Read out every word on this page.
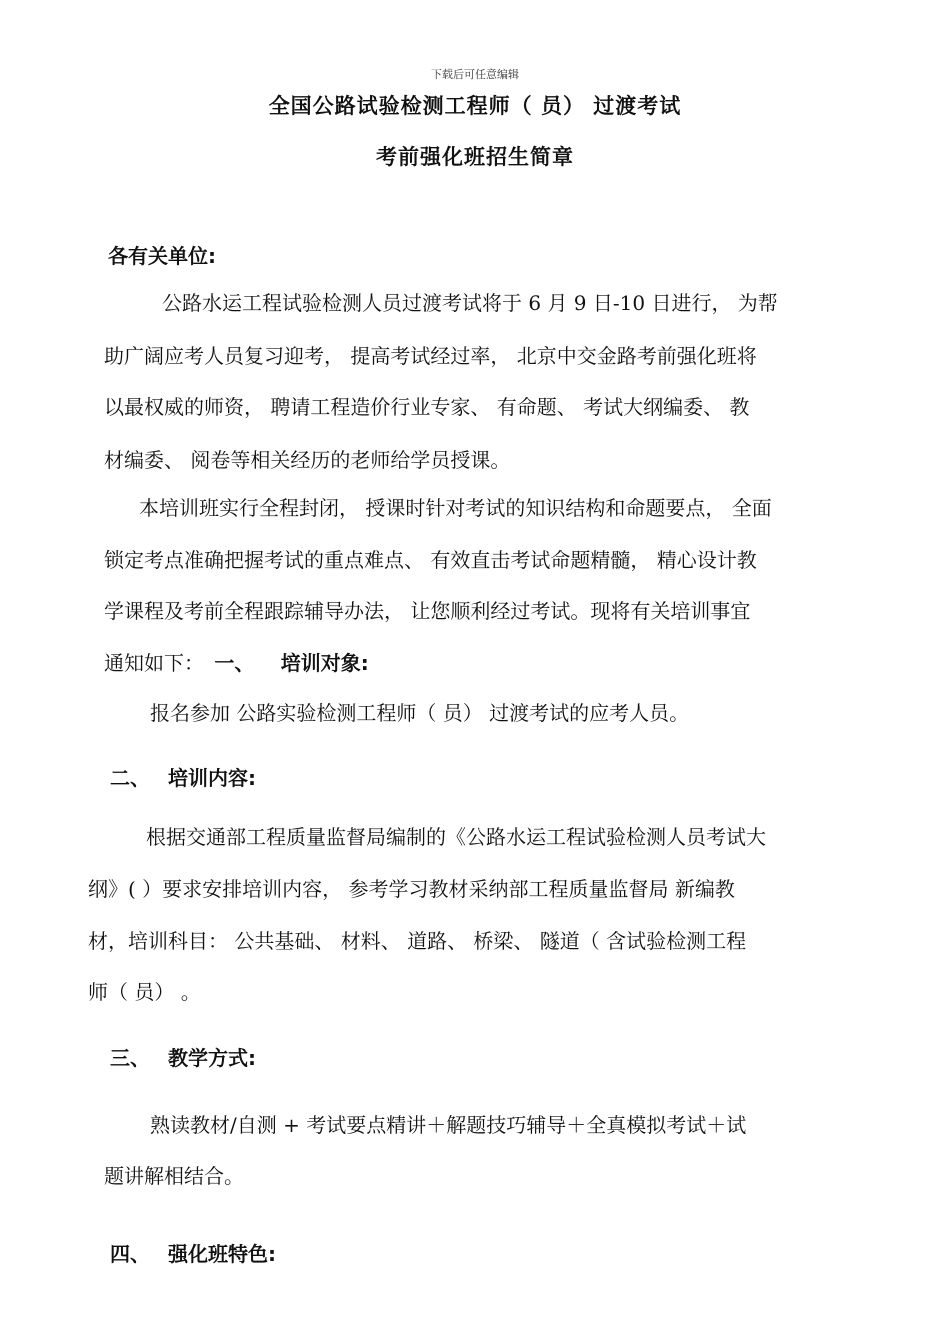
下载后可任意编辑
全国公路试验检测工程师（ 员） 过渡考试
考前强化班招生简章
各有关单位:
公路水运工程试验检测人员过渡考试将于 6 月 9 日-10 日进行， 为帮
助广阔应考人员复习迎考， 提高考试经过率， 北京中交金路考前强化班将
以最权威的师资， 聘请工程造价行业专家、 有命题、 考试大纲编委、 教
材编委、 阅卷等相关经历的老师给学员授课。
本培训班实行全程封闭， 授课时针对考试的知识结构和命题要点， 全面
锁定考点准确把握考试的重点难点、 有效直击考试命题精髓， 精心设计教
学课程及考前全程跟踪辅导办法， 让您顺利经过考试。现将有关培训事宜
通知如下： 一、 培训对象:
报名参加 公路实验检测工程师（ 员） 过渡考试的应考人员。
二、 培训内容:
根据交通部工程质量监督局编制的《公路水运工程试验检测人员考试大
纲》( ）要求安排培训内容， 参考学习教材采纳部工程质量监督局 新编教
材，培训科目： 公共基础、 材料、 道路、 桥梁、 隧道（ 含试验检测工程
师（ 员） 。
三、 教学方式:
熟读教材/自测 + 考试要点精讲＋解题技巧辅导＋全真模拟考试＋试
题讲解相结合。
四、 强化班特色:
